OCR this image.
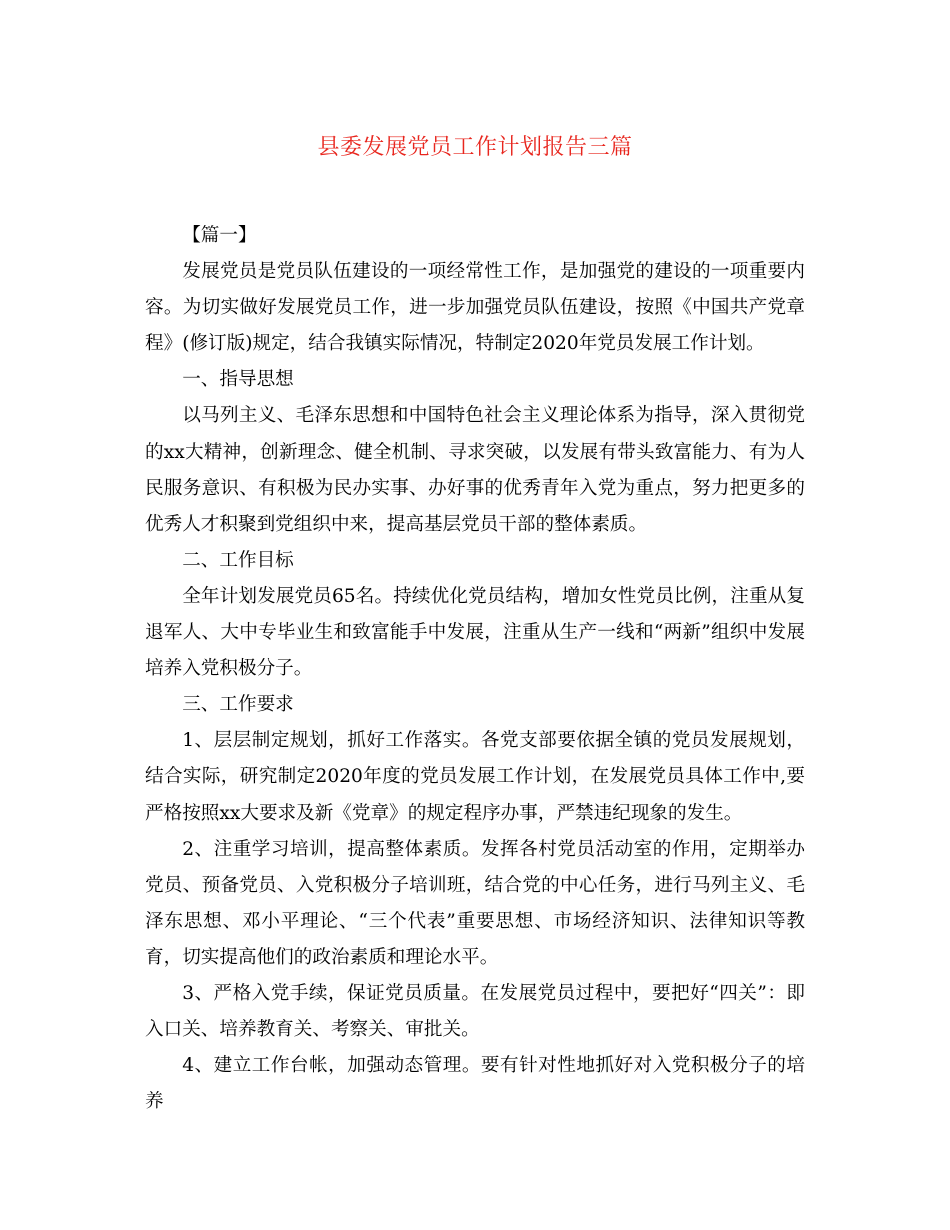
县委发展党员工作计划报告三篇

【篇一】

发展党员是党员队伍建设的一项经常性工作，是加强党的建设的一项重要内容。为切实做好发展党员工作，进一步加强党员队伍建设，按照《中国共产党章程》(修订版)规定，结合我镇实际情况，特制定2020年党员发展工作计划。

一、指导思想

以马列主义、毛泽东思想和中国特色社会主义理论体系为指导，深入贯彻党的xx大精神，创新理念、健全机制、寻求突破，以发展有带头致富能力、有为人民服务意识、有积极为民办实事、办好事的优秀青年入党为重点，努力把更多的优秀人才积聚到党组织中来，提高基层党员干部的整体素质。

二、工作目标

全年计划发展党员65名。持续优化党员结构，增加女性党员比例，注重从复退军人、大中专毕业生和致富能手中发展，注重从生产一线和“两新”组织中发展培养入党积极分子。

三、工作要求

1、层层制定规划，抓好工作落实。各党支部要依据全镇的党员发展规划，结合实际，研究制定2020年度的党员发展工作计划，在发展党员具体工作中,要严格按照xx大要求及新《党章》的规定程序办事，严禁违纪现象的发生。

2、注重学习培训，提高整体素质。发挥各村党员活动室的作用，定期举办党员、预备党员、入党积极分子培训班，结合党的中心任务，进行马列主义、毛泽东思想、邓小平理论、“三个代表”重要思想、市场经济知识、法律知识等教育，切实提高他们的政治素质和理论水平。

3、严格入党手续，保证党员质量。在发展党员过程中，要把好“四关”：即入口关、培养教育关、考察关、审批关。

4、建立工作台帐，加强动态管理。要有针对性地抓好对入党积极分子的培养
